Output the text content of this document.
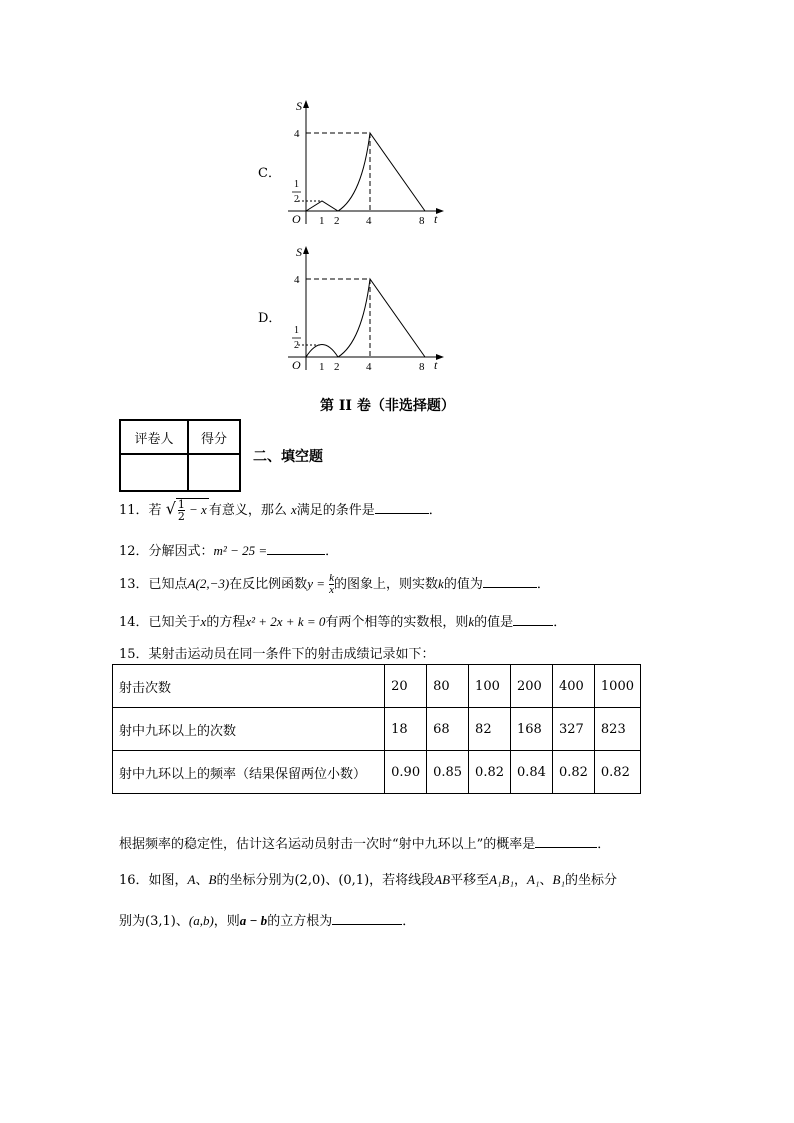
C．
S
t
O
4
1
2
1 2 4	8
D．
S
t
O
4
1
2
1 2 4	8
第 II 卷（非选择题）
评卷人	得分

二、填空题
11．若 √ $\frac{1}{2} - x$ 有意义，那么 x满足的条件是	．
12．分解因式：m² − 25 =	．
13．已知点A(2,−3)在反比例函数$y = \frac{k}{x}$ 的图象上，则实数k的值为	．
14．已知关于x的方程x² + 2x + k = 0有两个相等的实数根，则k的值是	．
15．某射击运动员在同一条件下的射击成绩记录如下：
射击次数	20	80	100	200	400	1000
射中九环以上的次数	18	68	82	168	327	823
射中九环以上的频率（结果保留两位小数）	0.90	0.85	0.82	0.84	0.82	0.82
根据频率的稳定性，估计这名运动员射击一次时“射中九环以上”的概率是	．
16．如图，A、B的坐标分别为(2,0)、(0,1)，若将线段AB平移至A₁B₁，A₁、B₁的坐标分
别为(3,1)、(a,b)，则a − b的立方根为	．
